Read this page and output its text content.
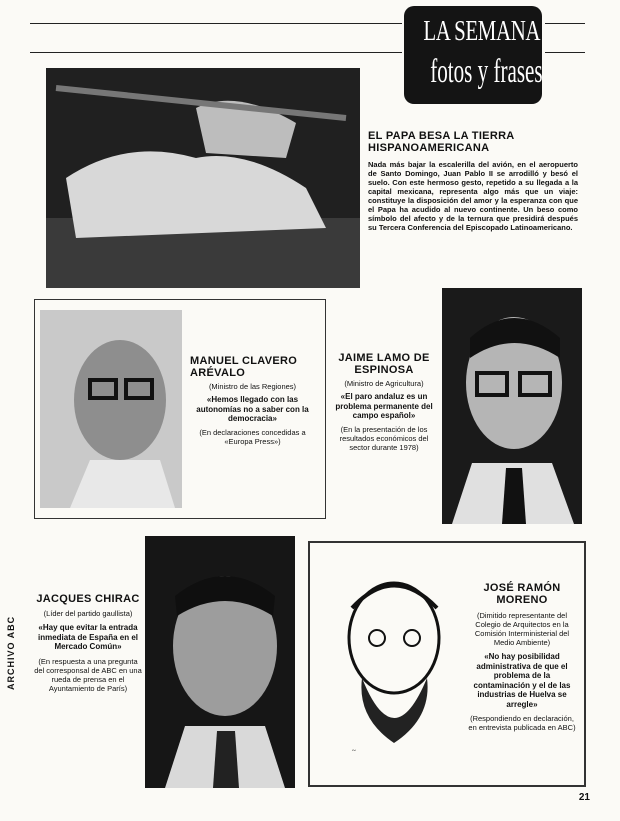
LA SEMANA
fotos y frases
EL PAPA BESA LA TIERRA HISPANOAMERICANA
Nada más bajar la escalerilla del avión, en el aeropuerto de Santo Domingo, Juan Pablo II se arrodilló y besó el suelo. Con este hermoso gesto, repetido a su llegada a la capital mexicana, representa algo más que un viaje: constituye la disposición del amor y la esperanza con que el Papa ha acudido al nuevo continente. Un beso como símbolo del afecto y de la ternura que presidirá después su Tercera Conferencia del Episcopado Latinoamericano.
MANUEL CLAVERO ARÉVALO
(Ministro de las Regiones)
«Hemos llegado con las autonomías no a saber con la democracia»
(En declaraciones concedidas a «Europa Press»)
JAIME LAMO DE ESPINOSA
(Ministro de Agricultura)
«El paro andaluz es un problema permanente del campo español»
(En la presentación de los resultados económicos del sector durante 1978)
JACQUES CHIRAC
(Líder del partido gaullista)
«Hay que evitar la entrada inmediata de España en el Mercado Común»
(En respuesta a una pregunta del corresponsal de ABC en una rueda de prensa en el Ayuntamiento de París)
~
JOSÉ RAMÓN MORENO
(Dimitido representante del Colegio de Arquitectos en la Comisión Interministerial del Medio Ambiente)
«No hay posibilidad administrativa de que el problema de la contaminación y el de las industrias de Huelva se arregle»
(Respondiendo en declaración, en entrevista publicada en ABC)
ARCHIVO ABC
21
